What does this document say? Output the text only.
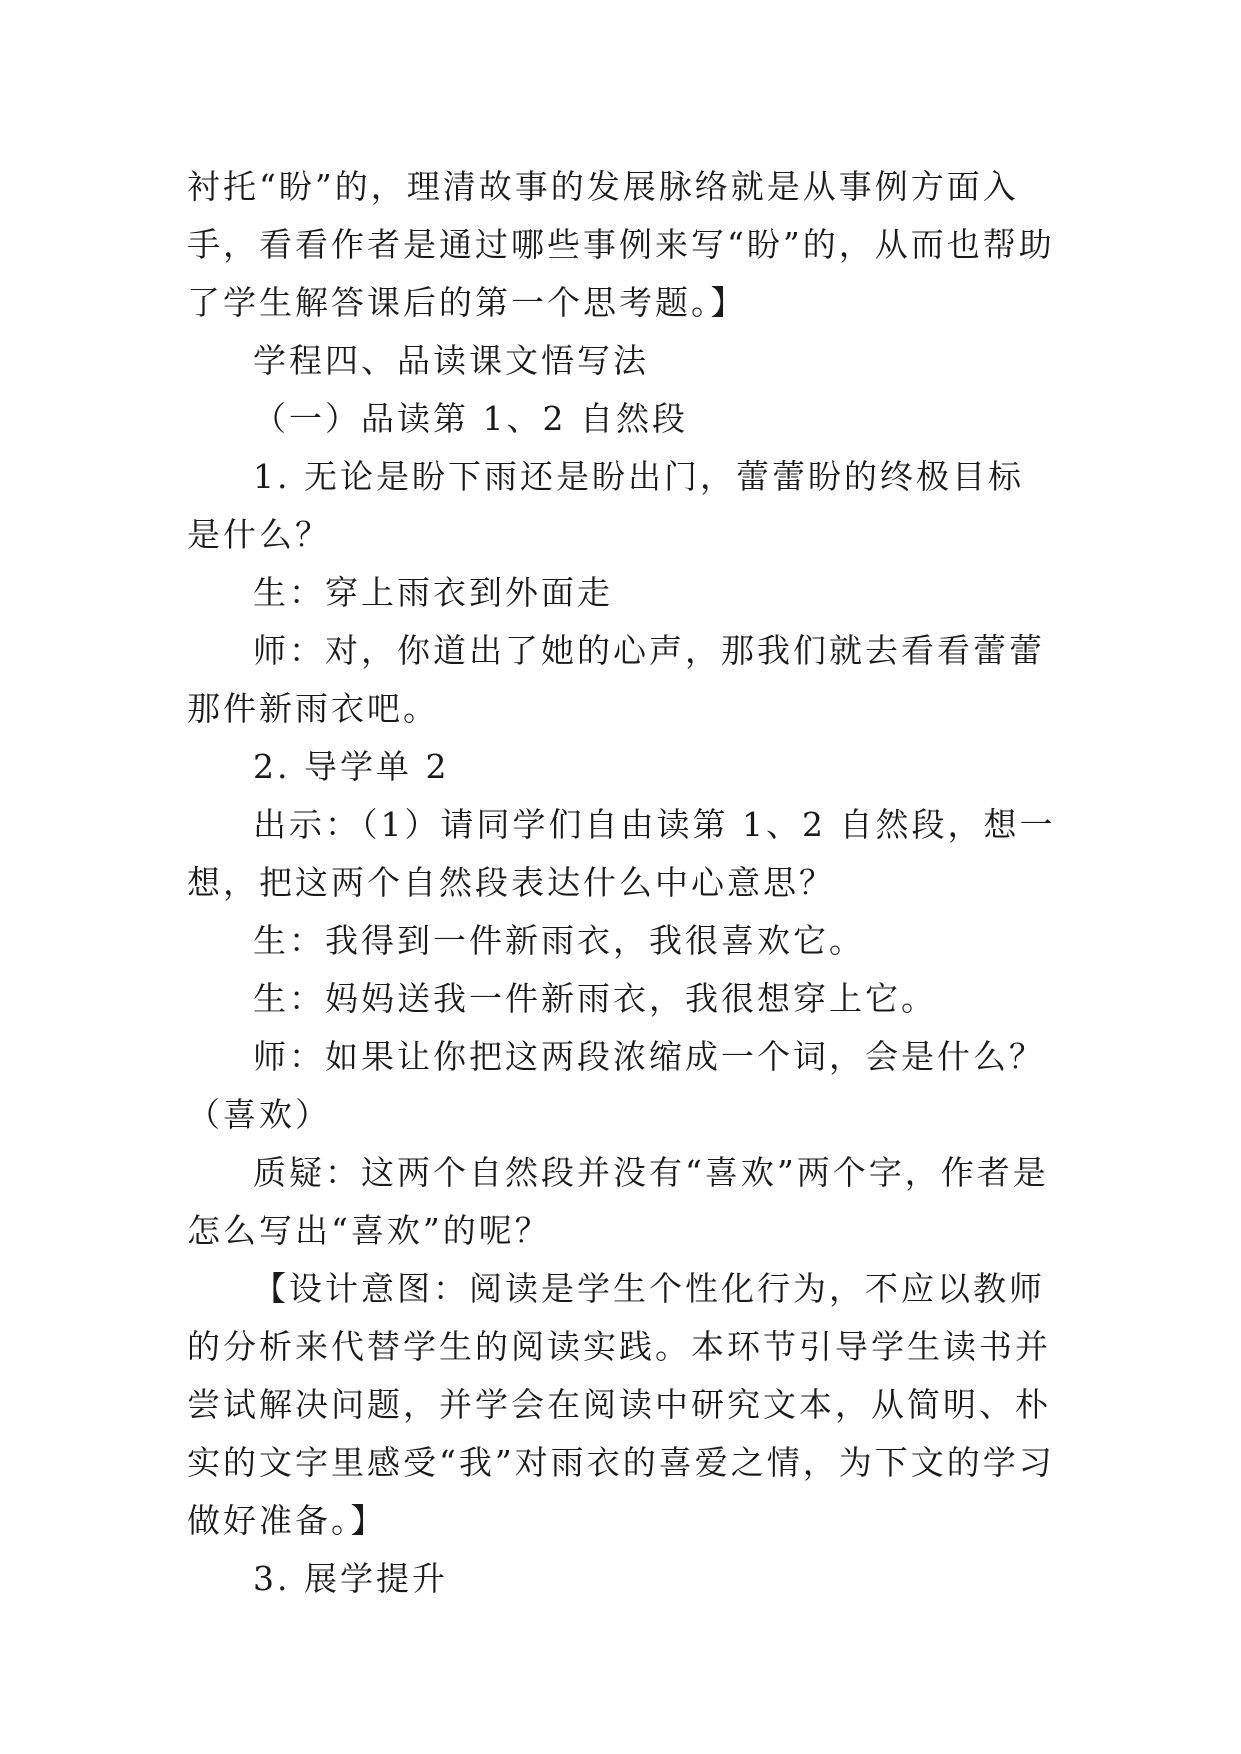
衬托“盼”的，理清故事的发展脉络就是从事例方面入手，看看作者是通过哪些事例来写“盼”的，从而也帮助了学生解答课后的第一个思考题。】

学程四、品读课文悟写法

（一）品读第 1、2 自然段

1. 无论是盼下雨还是盼出门，蕾蕾盼的终极目标是什么？

生：穿上雨衣到外面走

师：对，你道出了她的心声，那我们就去看看蕾蕾那件新雨衣吧。

2. 导学单 2

出示：（1）请同学们自由读第 1、2 自然段，想一想，把这两个自然段表达什么中心意思？

生：我得到一件新雨衣，我很喜欢它。

生：妈妈送我一件新雨衣，我很想穿上它。

师：如果让你把这两段浓缩成一个词，会是什么？（喜欢）

质疑：这两个自然段并没有“喜欢”两个字，作者是怎么写出“喜欢”的呢？

【设计意图：阅读是学生个性化行为，不应以教师的分析来代替学生的阅读实践。本环节引导学生读书并尝试解决问题，并学会在阅读中研究文本，从简明、朴实的文字里感受“我”对雨衣的喜爱之情，为下文的学习做好准备。】

3. 展学提升
